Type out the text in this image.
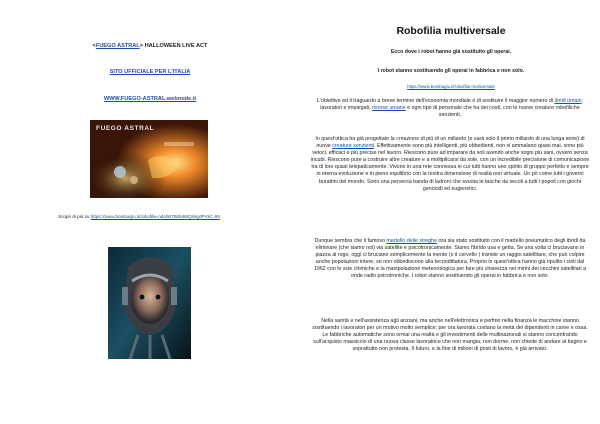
<FUEGO ASTRAL> HALLOWEEN LIVE ACT
SITO UFFICIALE PER L'ITALIA
WWW.FUEGO-ASTRAL.webnode.it
FUEGO ASTRAL
Scopri di più su https://www.bombagiu.it/robofilia-ndo/W7BdH58Qs6gdPVkC-99
Robofilia multiversale
Ecco dove i robot hanno già sostituito gli operai.
I robot stanno sostituendo gli operai in fabbrica e non solo.
https://www.bombagiu.it/robofilia-multiversale
L'obiettivo ed il traguardo a breve termine dell'economia mondiale è di sostituire il maggior numero di ibridi umani, lavoratori e impiegati, risorse umane e ogni tipo di personale che ha dei costi, con le nuove creature robofiliche senzienti.
In quest'ottica ha già progettato la creazione di più di un miliardo (e sarà solo il primo miliardo di una lunga serie) di nuove creature senzienti. Effettivamente sono più intelligenti, più obbedienti, non si ammalano quasi mai, sono più veloci, efficaci e più precise nel lavoro. Riescono pure ad imparare da soli avendo anche sogni più sani, ovvero senza incubi. Riescono pure a costruire altre creature e a moltiplicarsi da sole, con un incredibile precisione di comunicazione tra di loro quasi telepaticamente. Vivono in una rete connessa in cui tutti hanno uno spirito di gruppo perfetto e sempre in eterna evoluzione e in pieno equilibrio con la nostra dimensione di realtà non virtuale. Un pò come tutti i governi burattini del mondo. Sono una perversa banda di ladroni che svuota le tasche da secoli a tutti i popoli con giochi genocidi ed eugenetici.
Dunque sembra che il famoso martello delle streghe ora sia stato sostituito con il martello pneumatico degli ibridi da eliminare (che siamo noi) via satellite e psicotronicamente. Siamo l'ibrido usa e getta. Se una volta ci bruciavano in piazza al rogo, oggi ci bruciano semplicemente la mente (o il cervello ) tramite un raggio satellitare, che può colpire anche popolazioni intere, se non obbediscono alla tecnodittatura. Proprio in quest'ottica hanno già ripulito i cieli dal 1962 con le scie chimiche e la manipolazione meteorologica per fare più chiarezza nei mirini dei cecchini satellitari a onde radio psicotroniche. I robot stanno sostituendo gli operai in fabbrica e non solo.
Nella sanità e nell'assistenza agli anziani, ma anche nell'elettronica e perfino nella finanza le macchine stanno sostituendo i lavoratori per un motivo molto semplice: per ora lavorata costano la metà dei dipendenti in carne e ossa. Le fabbriche automatiche sono ormai una realtà e gli investimenti delle multinazionali si stanno concentrando sull'acquisto massiccio di una nuova classe lavoratrice che non mangia, non dorme, non chiede di andare al bagno e soprattutto non protesta. Il futuro, e la fine di milioni di posti di lavoro, è già arrivato.
